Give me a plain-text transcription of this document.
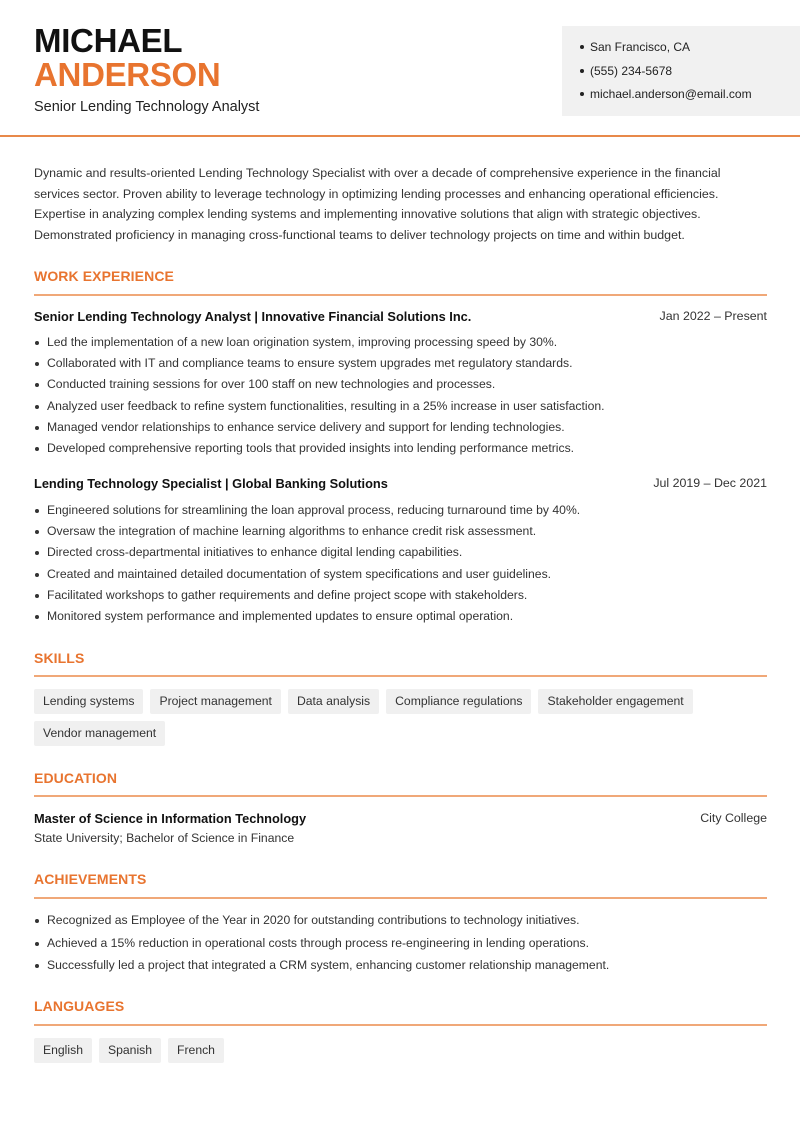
MICHAEL
ANDERSON
Senior Lending Technology Analyst
San Francisco, CA
(555) 234-5678
michael.anderson@email.com

Dynamic and results-oriented Lending Technology Specialist with over a decade of comprehensive experience in the financial services sector. Proven ability to leverage technology in optimizing lending processes and enhancing operational efficiencies. Expertise in analyzing complex lending systems and implementing innovative solutions that align with strategic objectives. Demonstrated proficiency in managing cross-functional teams to deliver technology projects on time and within budget.

WORK EXPERIENCE
Senior Lending Technology Analyst | Innovative Financial Solutions Inc.	Jan 2022 – Present
Led the implementation of a new loan origination system, improving processing speed by 30%.
Collaborated with IT and compliance teams to ensure system upgrades met regulatory standards.
Conducted training sessions for over 100 staff on new technologies and processes.
Analyzed user feedback to refine system functionalities, resulting in a 25% increase in user satisfaction.
Managed vendor relationships to enhance service delivery and support for lending technologies.
Developed comprehensive reporting tools that provided insights into lending performance metrics.
Lending Technology Specialist | Global Banking Solutions	Jul 2019 – Dec 2021
Engineered solutions for streamlining the loan approval process, reducing turnaround time by 40%.
Oversaw the integration of machine learning algorithms to enhance credit risk assessment.
Directed cross-departmental initiatives to enhance digital lending capabilities.
Created and maintained detailed documentation of system specifications and user guidelines.
Facilitated workshops to gather requirements and define project scope with stakeholders.
Monitored system performance and implemented updates to ensure optimal operation.
SKILLS
Lending systems	Project management	Data analysis	Compliance regulations	Stakeholder engagement
Vendor management
EDUCATION
Master of Science in Information Technology	City College
State University; Bachelor of Science in Finance
ACHIEVEMENTS
Recognized as Employee of the Year in 2020 for outstanding contributions to technology initiatives.
Achieved a 15% reduction in operational costs through process re-engineering in lending operations.
Successfully led a project that integrated a CRM system, enhancing customer relationship management.
LANGUAGES
English	Spanish	French
